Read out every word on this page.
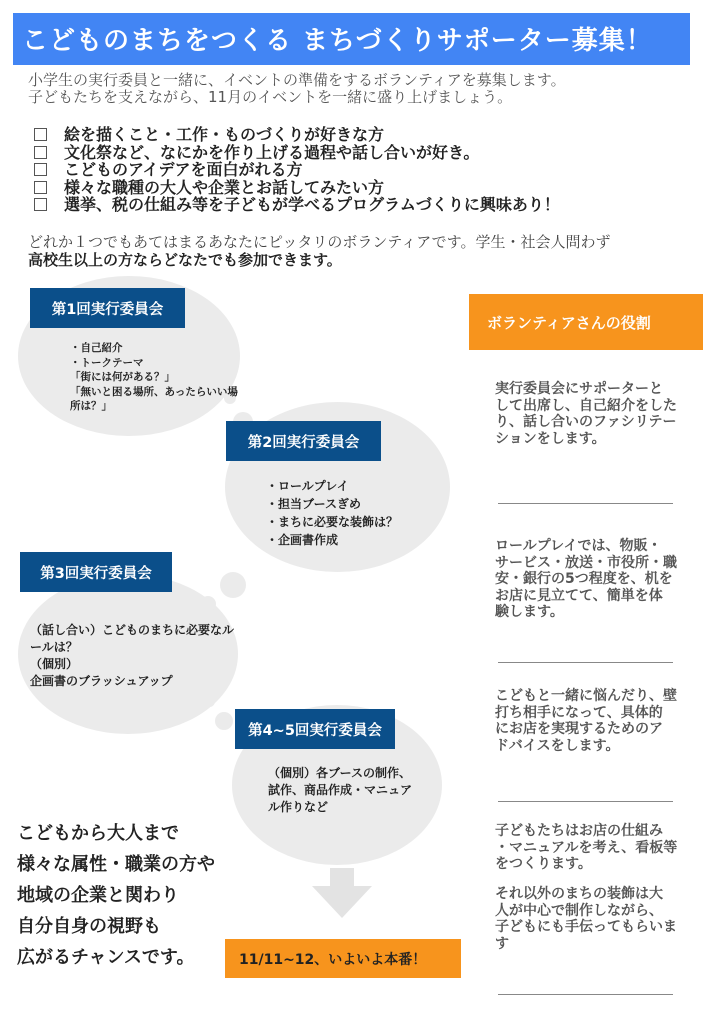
こどものまちをつくる まちづくりサポーター募集！
小学生の実行委員と一緒に、イベントの準備をするボランティアを募集します。
子どもたちを支えながら、11月のイベントを一緒に盛り上げましょう。
絵を描くこと・工作・ものづくりが好きな方
文化祭など、なにかを作り上げる過程や話し合いが好き。
こどものアイデアを面白がれる方
様々な職種の大人や企業とお話してみたい方
選挙、税の仕組み等を子どもが学べるプログラムづくりに興味あり！
どれか１つでもあてはまるあなたにピッタリのボランティアです。学生・社会人問わず
高校生以上の方ならどなたでも参加できます。
第1回実行委員会
・自己紹介
・トークテーマ
「街には何がある？」
「無いと困る場所、あったらいい場所は？」
第2回実行委員会
・ロールプレイ
・担当ブースぎめ
・まちに必要な装飾は？
・企画書作成
第3回実行委員会
（話し合い）こどものまちに必要なルールは？
（個別）
企画書のブラッシュアップ
第4~5回実行委員会
（個別）各ブースの制作、試作、商品作成・マニュアル作りなど
ボランティアさんの役割
実行委員会にサポーターと
して出席し、自己紹介をした
り、話し合いのファシリテー
ションをします。
ロールプレイでは、物販・
サービス・放送・市役所・職
安・銀行の5つ程度を、机を
お店に見立てて、簡単を体
験します。
こどもと一緒に悩んだり、壁
打ち相手になって、具体的
にお店を実現するためのア
ドバイスをします。
子どもたちはお店の仕組み
・マニュアルを考え、看板等
をつくります。
それ以外のまちの装飾は大
人が中心で制作しながら、
子どもにも手伝ってもらいま
す
こどもから大人まで
様々な属性・職業の方や
地域の企業と関わり
自分自身の視野も
広がるチャンスです。	11/11~12、いよいよ本番！
